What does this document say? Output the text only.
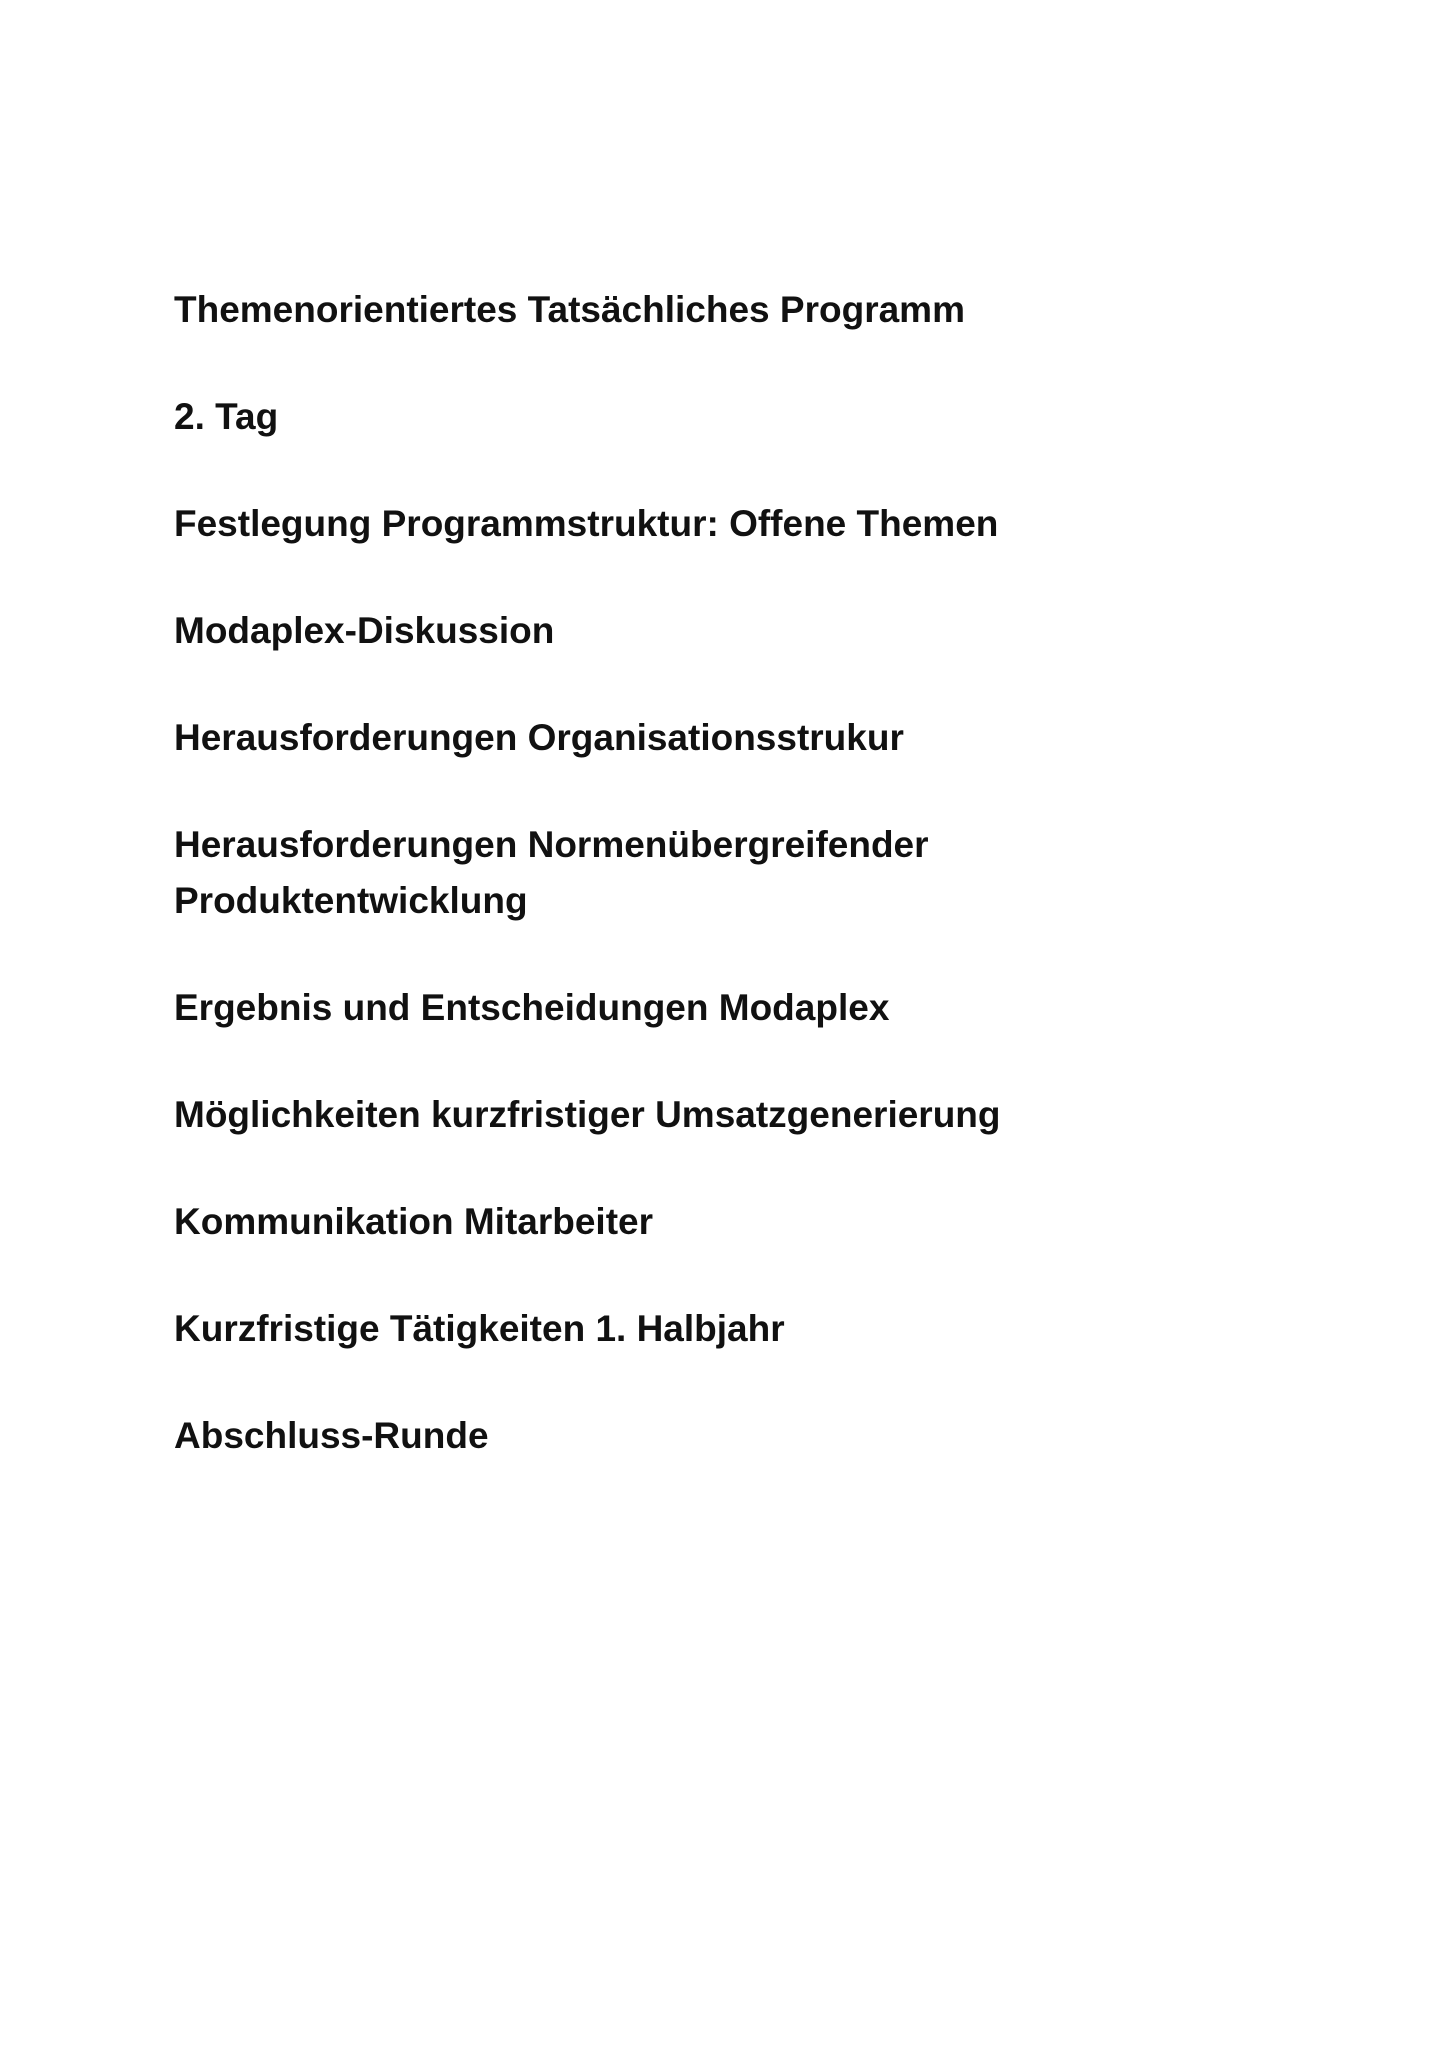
Themenorientiertes Tatsächliches Programm

2. Tag

Festlegung Programmstruktur: Offene Themen

Modaplex-Diskussion

Herausforderungen Organisationsstrukur

Herausforderungen Normenübergreifender

Produktentwicklung

Ergebnis und Entscheidungen Modaplex

Möglichkeiten kurzfristiger Umsatzgenerierung

Kommunikation Mitarbeiter

Kurzfristige Tätigkeiten 1. Halbjahr

Abschluss-Runde
